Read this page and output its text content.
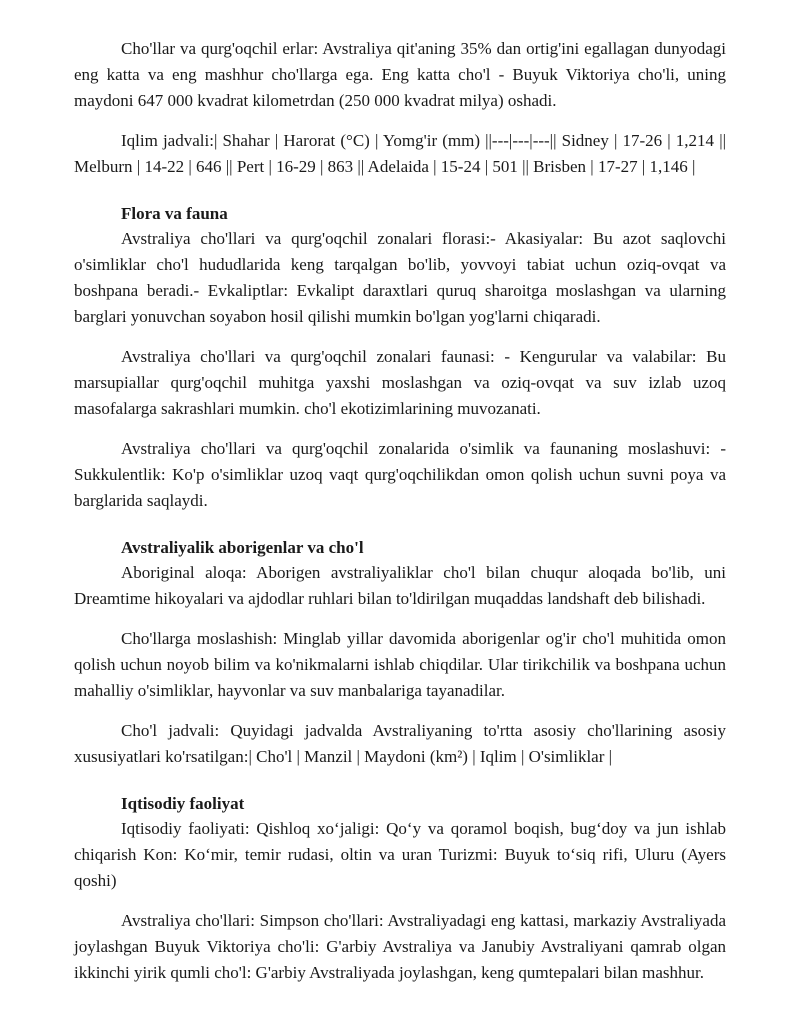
Cho'llar va qurg'oqchil erlar: Avstraliya qit'aning 35% dan ortig'ini egallagan dunyodagi eng katta va eng mashhur cho'llarga ega. Eng katta cho'l - Buyuk Viktoriya cho'li, uning maydoni 647 000 kvadrat kilometrdan (250 000 kvadrat milya) oshadi.

Iqlim jadvali:| Shahar | Harorat (°C) | Yomg'ir (mm) ||---|---|---|| Sidney | 17-26 | 1,214 || Melburn | 14-22 | 646 || Pert | 16-29 | 863 || Adelaida | 15-24 | 501 || Brisben | 17-27 | 1,146 |

Flora va fauna

Avstraliya cho'llari va qurg'oqchil zonalari florasi:- Akasiyalar: Bu azot saqlovchi o'simliklar cho'l hududlarida keng tarqalgan bo'lib, yovvoyi tabiat uchun oziq-ovqat va boshpana beradi.- Evkaliptlar: Evkalipt daraxtlari quruq sharoitga moslashgan va ularning barglari yonuvchan soyabon hosil qilishi mumkin bo'lgan yog'larni chiqaradi.

Avstraliya cho'llari va qurg'oqchil zonalari faunasi: - Kengurular va valabilar: Bu marsupiallar qurg'oqchil muhitga yaxshi moslashgan va oziq-ovqat va suv izlab uzoq masofalarga sakrashlari mumkin. cho'l ekotizimlarining muvozanati.

Avstraliya cho'llari va qurg'oqchil zonalarida o'simlik va faunaning moslashuvi: - Sukkulentlik: Ko'p o'simliklar uzoq vaqt qurg'oqchilikdan omon qolish uchun suvni poya va barglarida saqlaydi.

Avstraliyalik aborigenlar va cho'l

Aboriginal aloqa: Aborigen avstraliyaliklar cho'l bilan chuqur aloqada bo'lib, uni Dreamtime hikoyalari va ajdodlar ruhlari bilan to'ldirilgan muqaddas landshaft deb bilishadi.

Cho'llarga moslashish: Minglab yillar davomida aborigenlar og'ir cho'l muhitida omon qolish uchun noyob bilim va ko'nikmalarni ishlab chiqdilar. Ular tirikchilik va boshpana uchun mahalliy o'simliklar, hayvonlar va suv manbalariga tayanadilar.

Cho'l jadvali: Quyidagi jadvalda Avstraliyaning to'rtta asosiy cho'llarining asosiy xususiyatlari ko'rsatilgan:| Cho'l | Manzil | Maydoni (km²) | Iqlim | O'simliklar |

Iqtisodiy faoliyat

Iqtisodiy faoliyati: Qishloq xo‘jaligi: Qo‘y va qoramol boqish, bug‘doy va jun ishlab chiqarish Kon: Ko‘mir, temir rudasi, oltin va uran Turizmi: Buyuk to‘siq rifi, Uluru (Ayers qoshi)

Avstraliya cho'llari: Simpson cho'llari: Avstraliyadagi eng kattasi, markaziy Avstraliyada joylashgan Buyuk Viktoriya cho'li: G'arbiy Avstraliya va Janubiy Avstraliyani qamrab olgan ikkinchi yirik qumli cho'l: G'arbiy Avstraliyada joylashgan, keng qumtepalari bilan mashhur.
